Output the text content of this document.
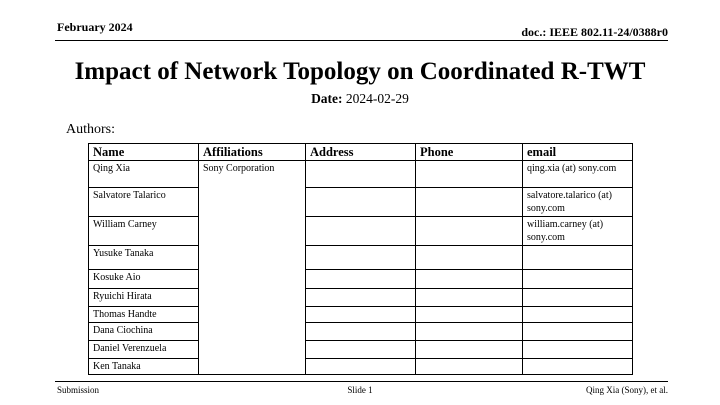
February 2024	doc.: IEEE 802.11-24/0388r0
Impact of Network Topology on Coordinated R-TWT
Date: 2024-02-29
Authors:
Name	Affiliations	Address	Phone	email
Qing Xia	Sony Corporation			qing.xia (at) sony.com
Salvatore Talarico				salvatore.talarico (at) sony.com
William Carney				william.carney (at) sony.com
Yusuke Tanaka				
Kosuke Aio				
Ryuichi Hirata				
Thomas Handte				
Dana Ciochina				
Daniel Verenzuela				
Ken Tanaka				
Submission	Slide 1	Qing Xia (Sony), et al.
